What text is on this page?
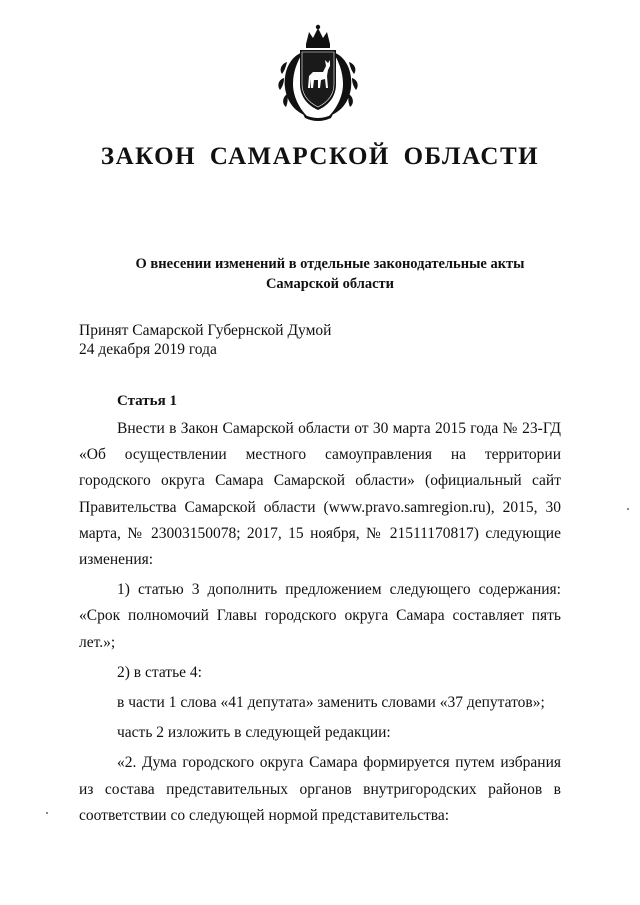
ЗАКОН САМАРСКОЙ ОБЛАСТИ
О внесении изменений в отдельные законодательные акты
Самарской области
Принят Самарской Губернской Думой
24 декабря 2019 года
Статья 1

Внести в Закон Самарской области от 30 марта 2015 года № 23-ГД «Об осуществлении местного самоуправления на территории городского округа Самара Самарской области» (официальный сайт Правительства Самарской области (www.pravo.samregion.ru), 2015, 30 марта, № 23003150078; 2017, 15 ноября, № 21511170817) следующие изменения:

1) статью 3 дополнить предложением следующего содержания: «Срок полномочий Главы городского округа Самара составляет пять лет.»;

2) в статье 4:

в части 1 слова «41 депутата» заменить словами «37 депутатов»;

часть 2 изложить в следующей редакции:

«2. Дума городского округа Самара формируется путем избрания из состава представительных органов внутригородских районов в соответствии со следующей нормой представительства:
